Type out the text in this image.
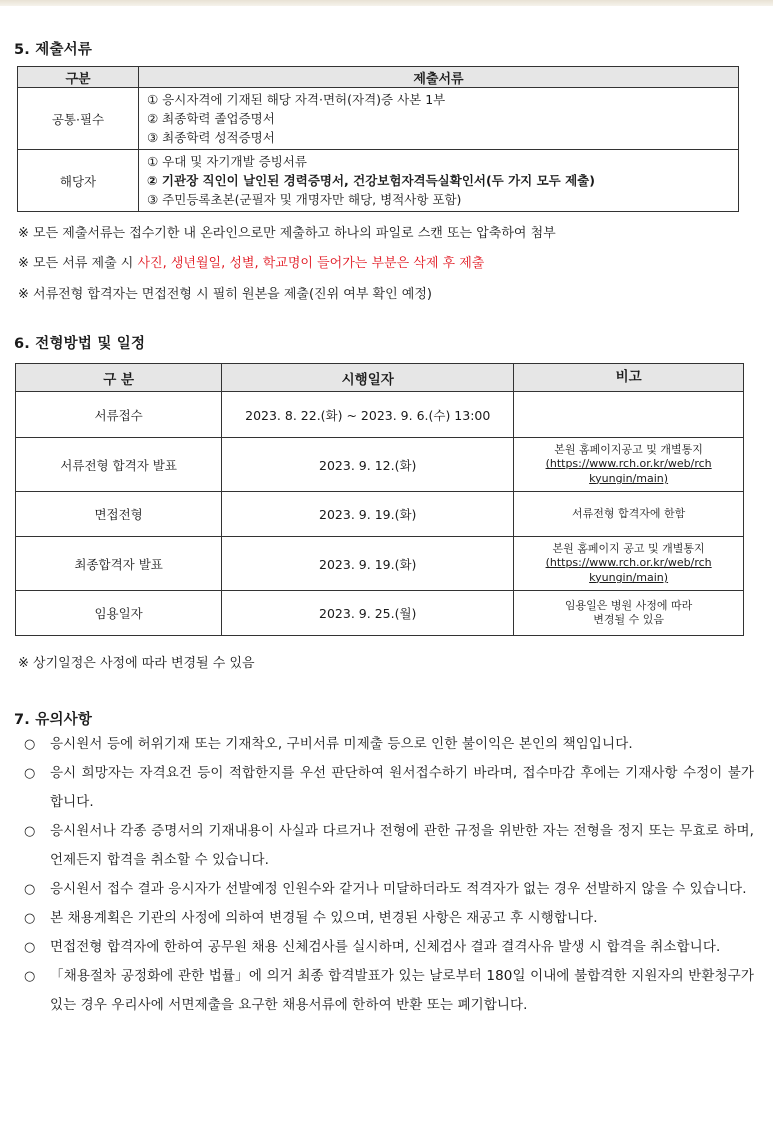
5. 제출서류
구분	제출서류
공통·필수	① 응시자격에 기재된 해당 자격·면허(자격)증 사본 1부
② 최종학력 졸업증명서
③ 최종학력 성적증명서

해당자	① 우대 및 자기개발 증빙서류
② 기관장 직인이 날인된 경력증명서, 건강보험자격득실확인서(두 가지 모두 제출)
③ 주민등록초본(군필자 및 개명자만 해당, 병적사항 포함)
※ 모든 제출서류는 접수기한 내 온라인으로만 제출하고 하나의 파일로 스캔 또는 압축하여 첨부
※ 모든 서류 제출 시 사진, 생년월일, 성별, 학교명이 들어가는 부분은 삭제 후 제출
※ 서류전형 합격자는 면접전형 시 필히 원본을 제출(진위 여부 확인 예정)
6. 전형방법 및 일정
구 분	시행일자	비고
서류접수	2023. 8. 22.(화) ~ 2023. 9. 6.(수) 13:00	
서류전형 합격자 발표	2023. 9. 12.(화)	본원 홈페이지공고 및 개별통지
(https://www.rch.or.kr/web/rch
kyungin/main)

면접전형	2023. 9. 19.(화)	서류전형 합격자에 한함
최종합격자 발표	2023. 9. 19.(화)	본원 홈페이지 공고 및 개별통지
(https://www.rch.or.kr/web/rch
kyungin/main)

임용일자	2023. 9. 25.(월)	임용일은 병원 사정에 따라
변경될 수 있음
※ 상기일정은 사정에 따라 변경될 수 있음
7. 유의사항
○	응시원서 등에 허위기재 또는 기재착오, 구비서류 미제출 등으로 인한 불이익은 본인의 책임입니다.
○	응시 희망자는 자격요건 등이 적합한지를 우선 판단하여 원서접수하기 바라며, 접수마감 후에는 기재사항 수정이 불가합니다.
○	응시원서나 각종 증명서의 기재내용이 사실과 다르거나 전형에 관한 규정을 위반한 자는 전형을 정지 또는 무효로 하며, 언제든지 합격을 취소할 수 있습니다.
○	응시원서 접수 결과 응시자가 선발예정 인원수와 같거나 미달하더라도 적격자가 없는 경우 선발하지 않을 수 있습니다.
○	본 채용계획은 기관의 사정에 의하여 변경될 수 있으며, 변경된 사항은 재공고 후 시행합니다.
○	면접전형 합격자에 한하여 공무원 채용 신체검사를 실시하며, 신체검사 결과 결격사유 발생 시 합격을 취소합니다.
○	「채용절차 공정화에 관한 법률」에 의거 최종 합격발표가 있는 날로부터 180일 이내에 불합격한 지원자의 반환청구가 있는 경우 우리사에 서면제출을 요구한 채용서류에 한하여 반환 또는 폐기합니다.
